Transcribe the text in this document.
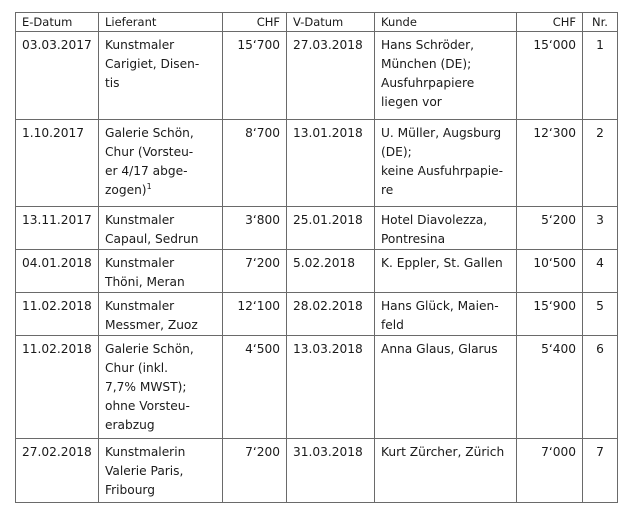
E-Datum	Lieferant	CHF	V-Datum	Kunde	CHF	Nr.
03.03.2017	Kunstmaler
Carigiet, Disen-
tis	15‘700	27.03.2018	Hans Schröder,
München (DE);
Ausfuhrpapiere
liegen vor	15‘000	1
1.10.2017	Galerie Schön,
Chur (Vorsteu-
er 4/17 abge-
zogen)$^1$	8‘700	13.01.2018	U. Müller, Augsburg
(DE);
keine Ausfuhrpapie-
re	12‘300	2
13.11.2017	Kunstmaler
Capaul, Sedrun	3‘800	25.01.2018	Hotel Diavolezza,
Pontresina	5‘200	3
04.01.2018	Kunstmaler
Thöni, Meran	7‘200	5.02.2018	K. Eppler, St. Gallen	10‘500	4
11.02.2018	Kunstmaler
Messmer, Zuoz	12‘100	28.02.2018	Hans Glück, Maien-
feld	15‘900	5
11.02.2018	Galerie Schön,
Chur (inkl.
7,7% MWST);
ohne Vorsteu-
erabzug	4‘500	13.03.2018	Anna Glaus, Glarus	5‘400	6
27.02.2018	Kunstmalerin
Valerie Paris,
Fribourg	7‘200	31.03.2018	Kurt Zürcher, Zürich	7‘000	7
